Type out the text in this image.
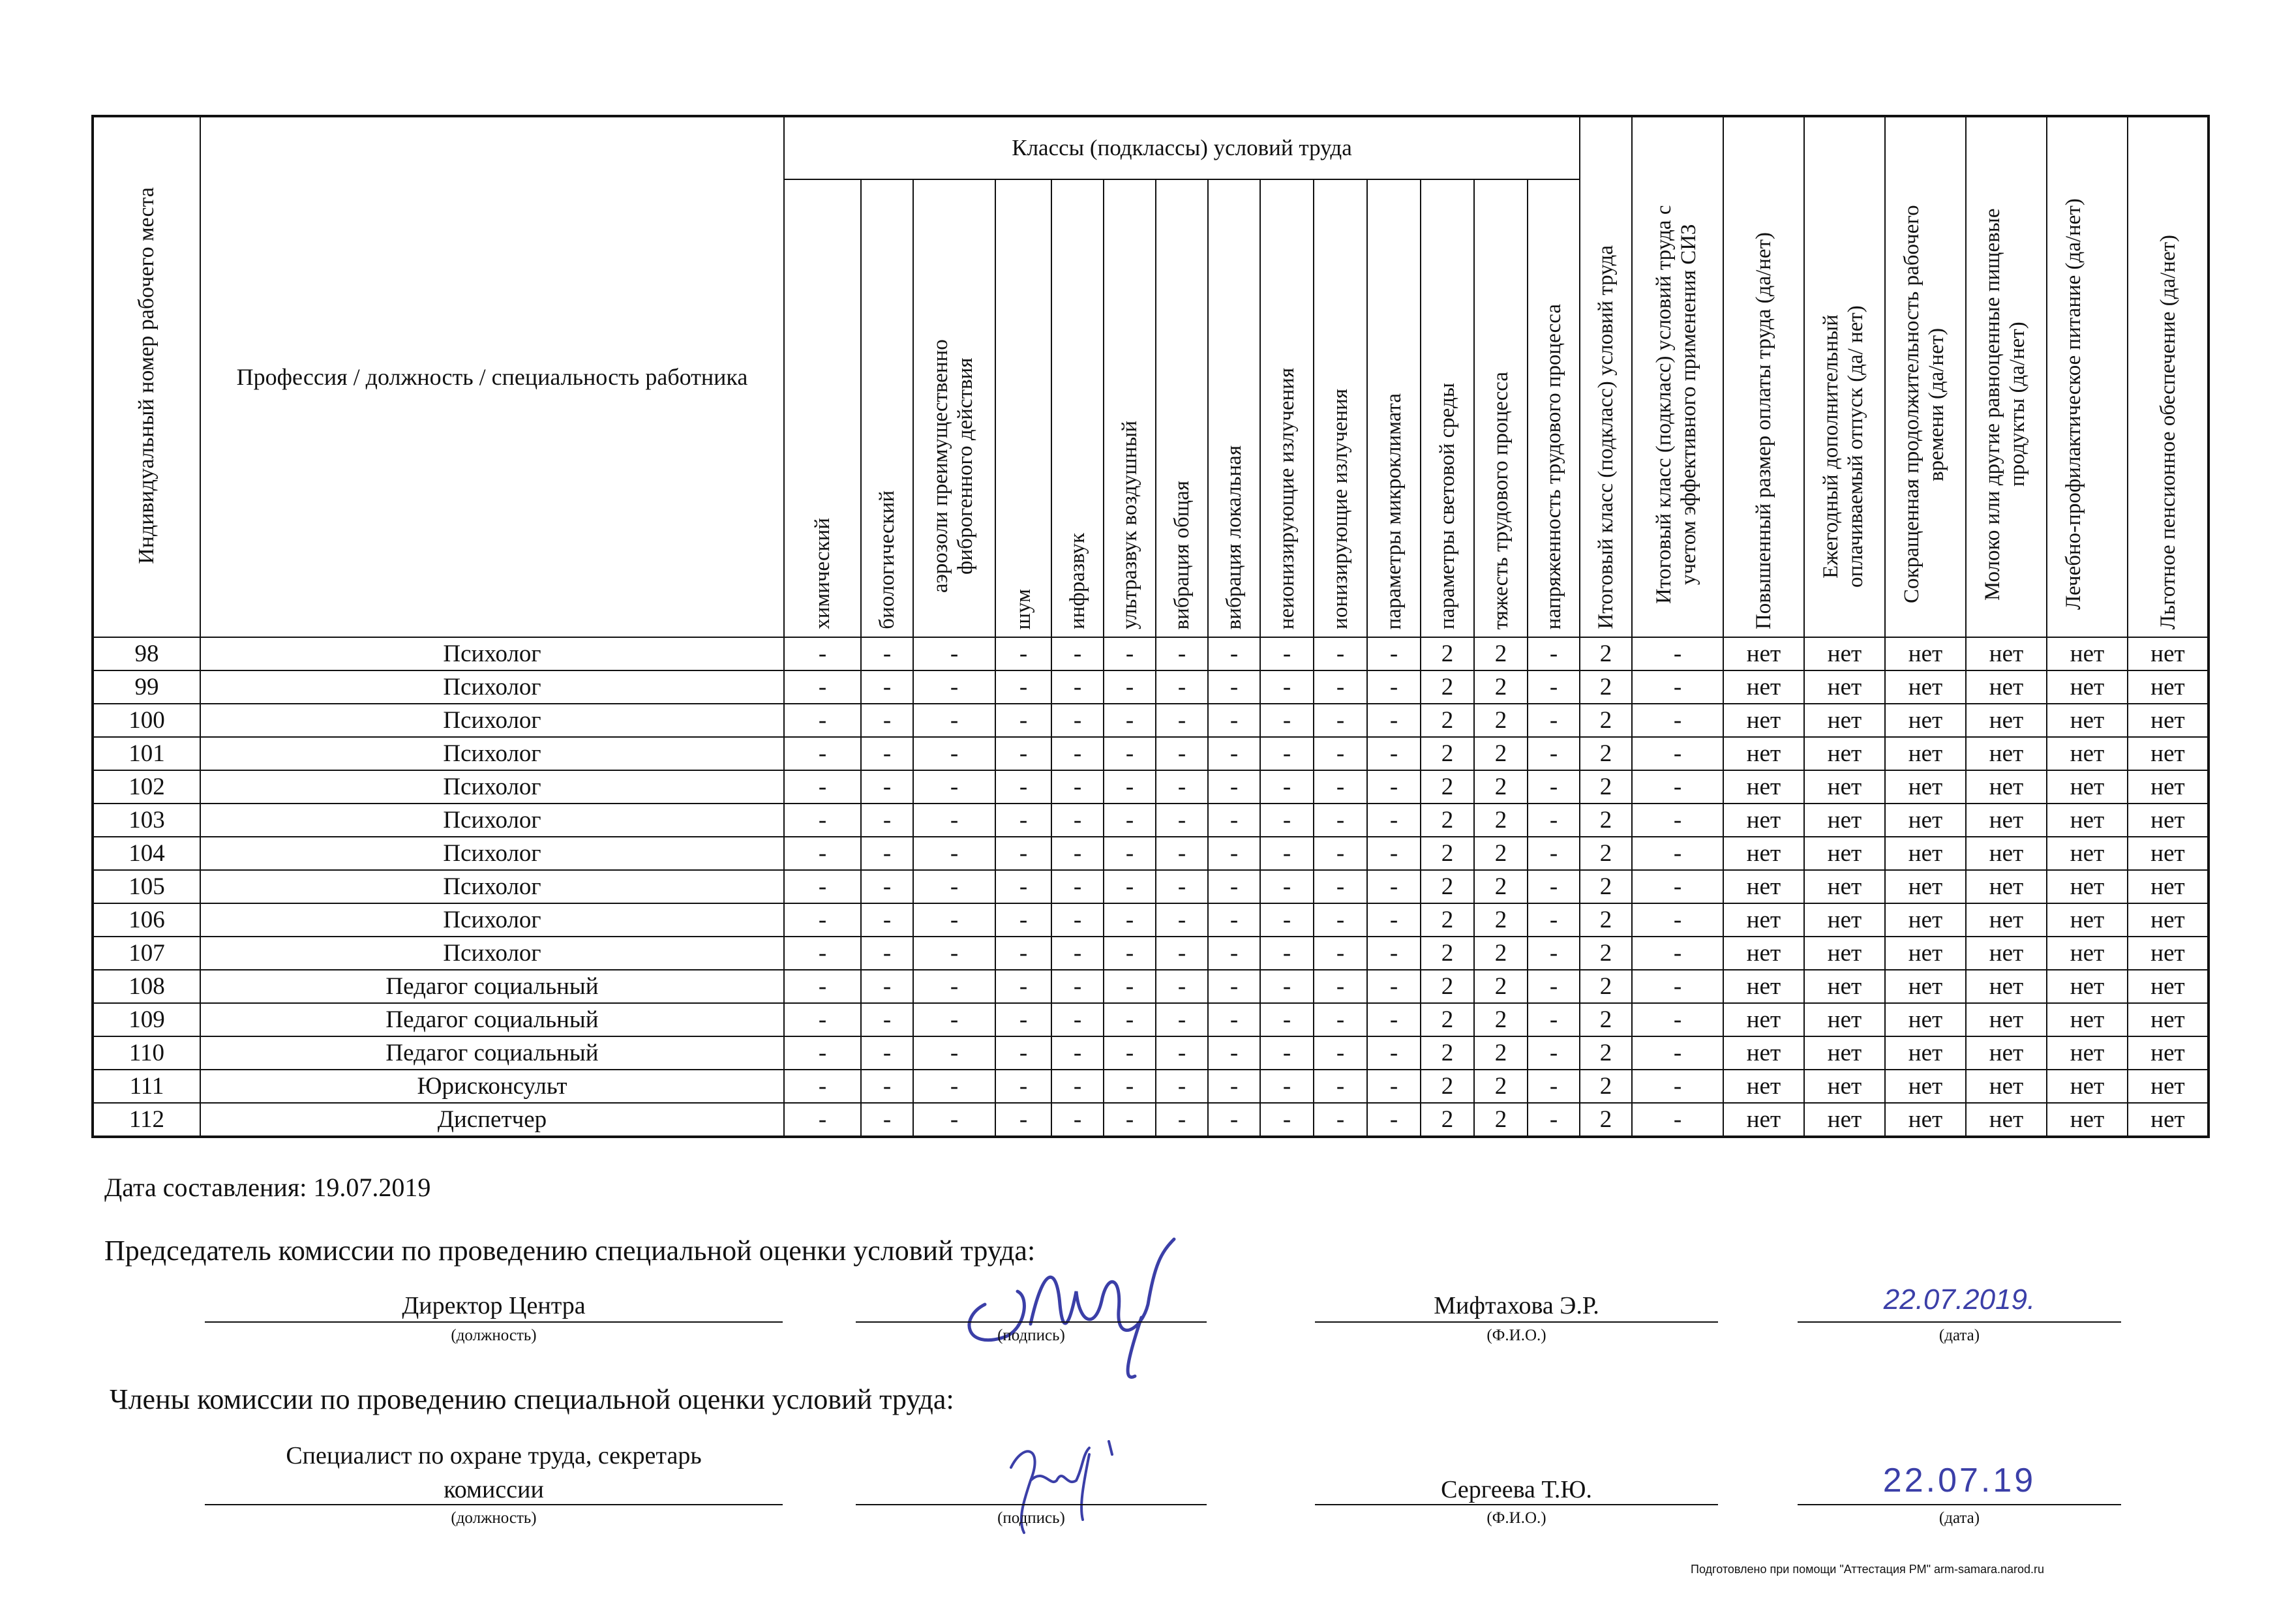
Индивидуальный номер рабочего места	Профессия / должность / специальность работника	Классы (подклассы) условий труда														Итоговый класс (подкласс) условий труда	Итоговый класс (подкласс) условий труда с учетом эффективного применения СИЗ	Повышенный размер оплаты труда (да/нет)	Ежегодный дополнительный оплачиваемый отпуск (да/ нет)	Сокращенная продолжительность рабочего времени (да/нет)	Молоко или другие равноценные пищевые продукты (да/нет)	Лечебно-профилактическое питание (да/нет)	Льготное пенсионное обеспечение (да/нет)
		химический	биологический	аэрозоли преимущественно фиброгенного действия	шум	инфразвук	ультразвук воздушный	вибрация общая	вибрация локальная	неионизирующие излучения	ионизирующие излучения	параметры микроклимата	параметры световой среды	тяжесть трудового процесса	напряженность трудового процесса								
98	Психолог	-	-	-	-	-	-	-	-	-	-	-	2	2	-	2	-	нет	нет	нет	нет	нет	нет
99	Психолог	-	-	-	-	-	-	-	-	-	-	-	2	2	-	2	-	нет	нет	нет	нет	нет	нет
100	Психолог	-	-	-	-	-	-	-	-	-	-	-	2	2	-	2	-	нет	нет	нет	нет	нет	нет
101	Психолог	-	-	-	-	-	-	-	-	-	-	-	2	2	-	2	-	нет	нет	нет	нет	нет	нет
102	Психолог	-	-	-	-	-	-	-	-	-	-	-	2	2	-	2	-	нет	нет	нет	нет	нет	нет
103	Психолог	-	-	-	-	-	-	-	-	-	-	-	2	2	-	2	-	нет	нет	нет	нет	нет	нет
104	Психолог	-	-	-	-	-	-	-	-	-	-	-	2	2	-	2	-	нет	нет	нет	нет	нет	нет
105	Психолог	-	-	-	-	-	-	-	-	-	-	-	2	2	-	2	-	нет	нет	нет	нет	нет	нет
106	Психолог	-	-	-	-	-	-	-	-	-	-	-	2	2	-	2	-	нет	нет	нет	нет	нет	нет
107	Психолог	-	-	-	-	-	-	-	-	-	-	-	2	2	-	2	-	нет	нет	нет	нет	нет	нет
108	Педагог социальный	-	-	-	-	-	-	-	-	-	-	-	2	2	-	2	-	нет	нет	нет	нет	нет	нет
109	Педагог социальный	-	-	-	-	-	-	-	-	-	-	-	2	2	-	2	-	нет	нет	нет	нет	нет	нет
110	Педагог социальный	-	-	-	-	-	-	-	-	-	-	-	2	2	-	2	-	нет	нет	нет	нет	нет	нет
111	Юрисконсульт	-	-	-	-	-	-	-	-	-	-	-	2	2	-	2	-	нет	нет	нет	нет	нет	нет
112	Диспетчер	-	-	-	-	-	-	-	-	-	-	-	2	2	-	2	-	нет	нет	нет	нет	нет	нет
Дата составления: 19.07.2019
Председатель комиссии по проведению специальной оценки условий труда:
Директор Центра
(должность)	(подпись)
Мифтахова Э.Р.
(Ф.И.О.)
22.07.2019.
(дата)
Члены комиссии по проведению специальной оценки условий труда:
Специалист по охране труда, секретарь
комиссии
(должность)	(подпись)
Сергеева Т.Ю.
(Ф.И.О.)
22.07.19
(дата)
Подготовлено при помощи "Аттестация РМ" arm-samara.narod.ru
